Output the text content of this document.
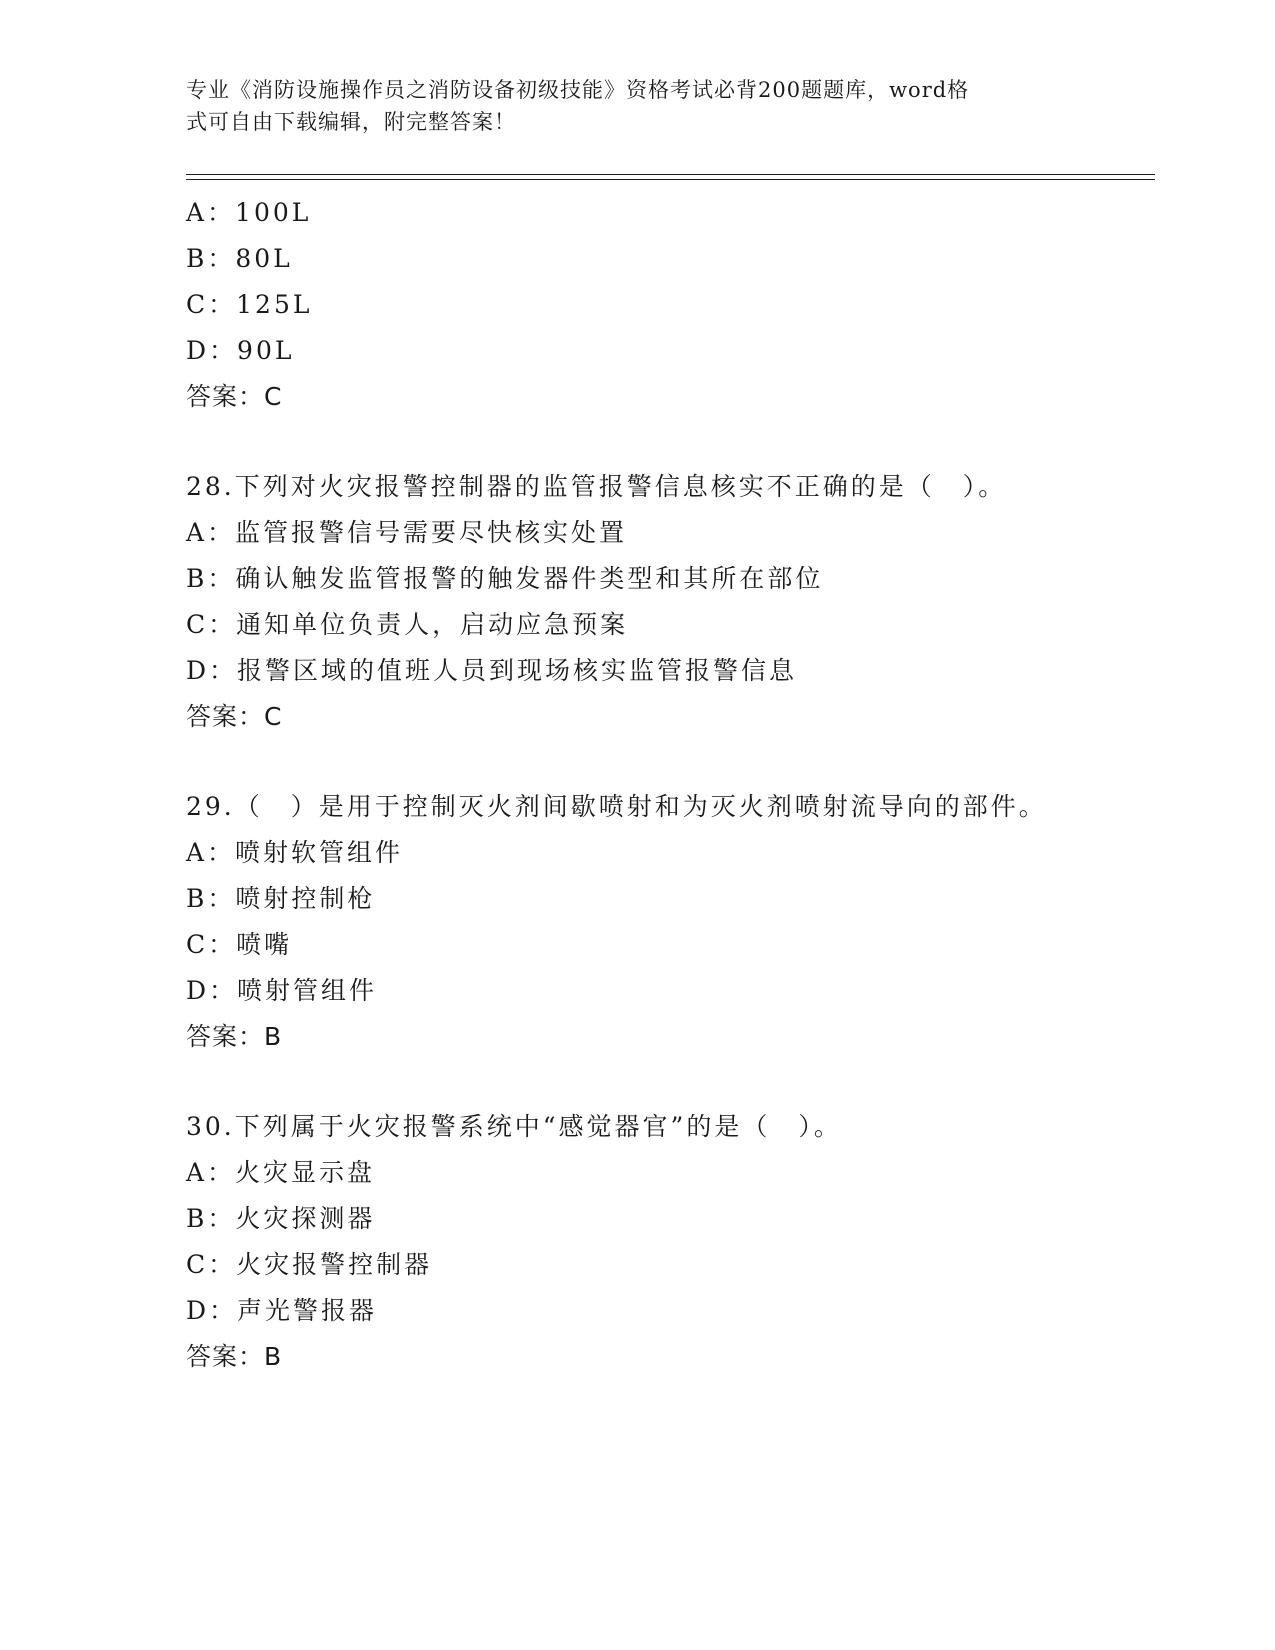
专业《消防设施操作员之消防设备初级技能》资格考试必背200题题库，word格
式可自由下载编辑，附完整答案！
A：100L
B：80L
C：125L
D：90L
答案：C
28.下列对火灾报警控制器的监管报警信息核实不正确的是（　）。
A：监管报警信号需要尽快核实处置
B：确认触发监管报警的触发器件类型和其所在部位
C：通知单位负责人，启动应急预案
D：报警区域的值班人员到现场核实监管报警信息
答案：C
29.（　）是用于控制灭火剂间歇喷射和为灭火剂喷射流导向的部件。
A：喷射软管组件
B：喷射控制枪
C：喷嘴
D：喷射管组件
答案：B
30.下列属于火灾报警系统中“感觉器官”的是（　）。
A：火灾显示盘
B：火灾探测器
C：火灾报警控制器
D：声光警报器
答案：B
